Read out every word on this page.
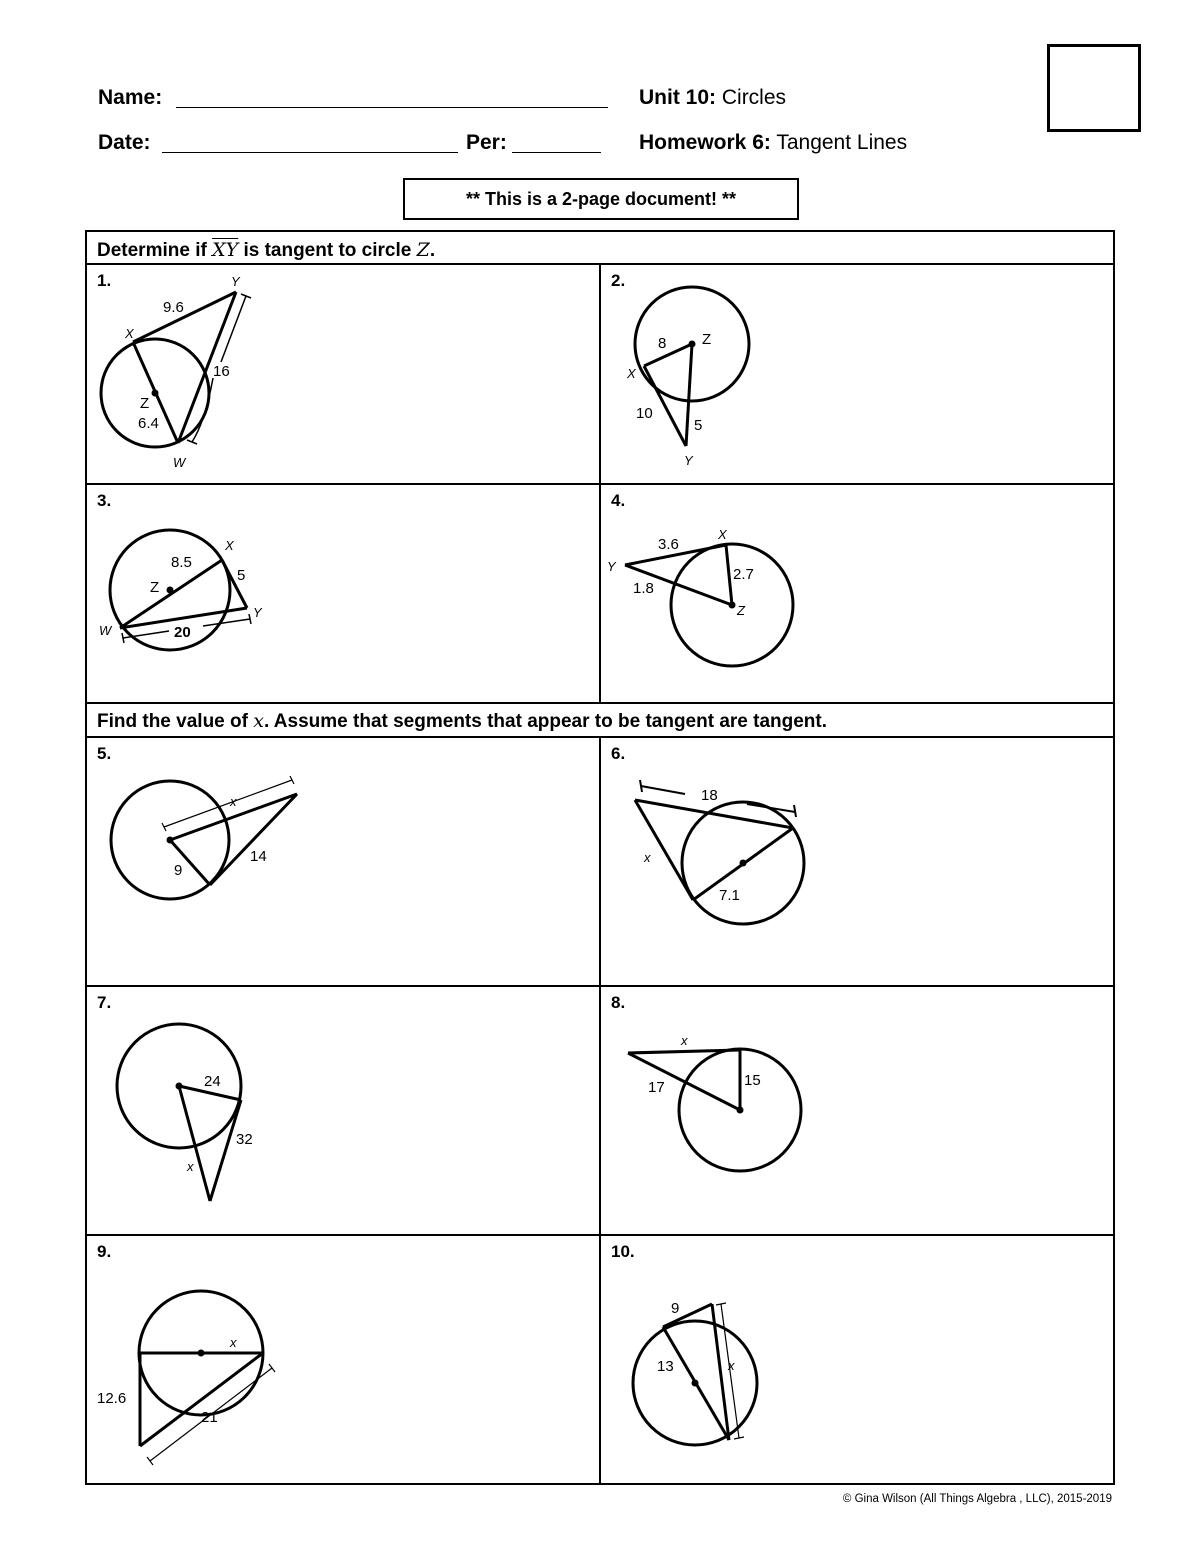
Name:
Date:	Per:
Unit 10: Circles
Homework 6: Tangent Lines
** This is a 2-page document! **
Determine if $\overline{XY}$ is tangent to circle Z.
Find the value of x. Assume that segments that appear to be tangent are tangent.
1.	2.
3.	4.
5.	6.
7.	8.
9.	10.
Y
9.6
X
16
Z
6.4
W
8 Z
X
10
5
Y
8.5
X
5
Z
Y
W	20
3.6
X
Y	2.7
1.8
Z
x
9
14
18
x
7.1
24
32
x
x
15
17
x
12.6
21
9
13	x
© Gina Wilson (All Things Algebra , LLC), 2015-2019
